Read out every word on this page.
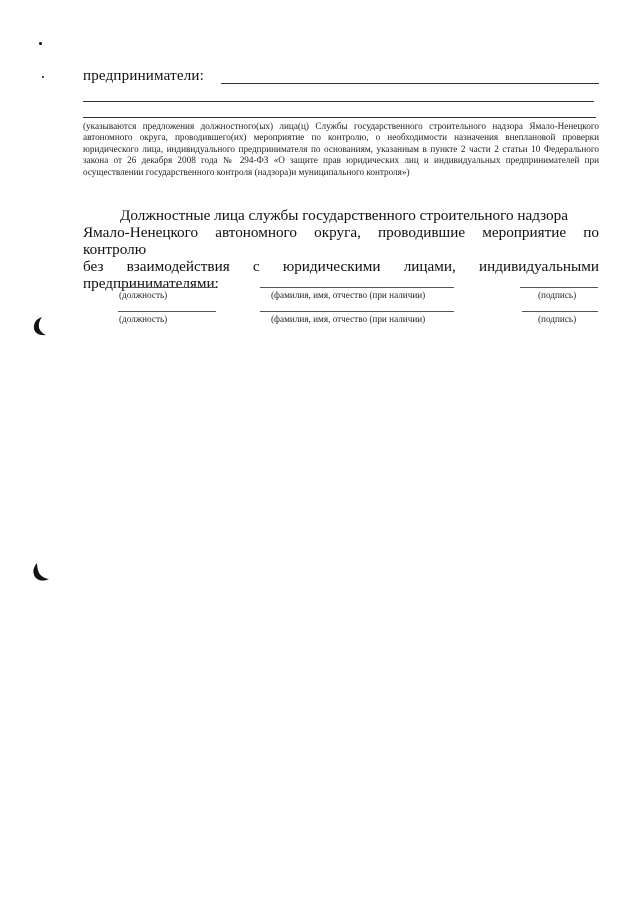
предприниматели:
(указываются предложения должностного(ых) лица(ц) Службы государственного строительного надзора Ямало-Ненецкого автономного округа, проводившего(их) мероприятие по контролю, о необходимости назначения внеплановой проверки юридического лица, индивидуального предпринимателя по основаниям, указанным в пункте 2 части 2 статьи 10 Федерального закона от 26 декабря 2008 года № 294-ФЗ «О защите прав юридических лиц и индивидуальных предпринимателей при осуществлении государственного контроля (надзора)и муниципального контроля»)
Должностные лица службы государственного строительного надзора
Ямало-Ненецкого автономного округа, проводившие мероприятие по контролю
без взаимодействия с юридическими лицами, индивидуальными
предпринимателями:
(должность)	(фамилия, имя, отчество (при наличии)	(подпись)
(должность)	(фамилия, имя, отчество (при наличии)	(подпись)
